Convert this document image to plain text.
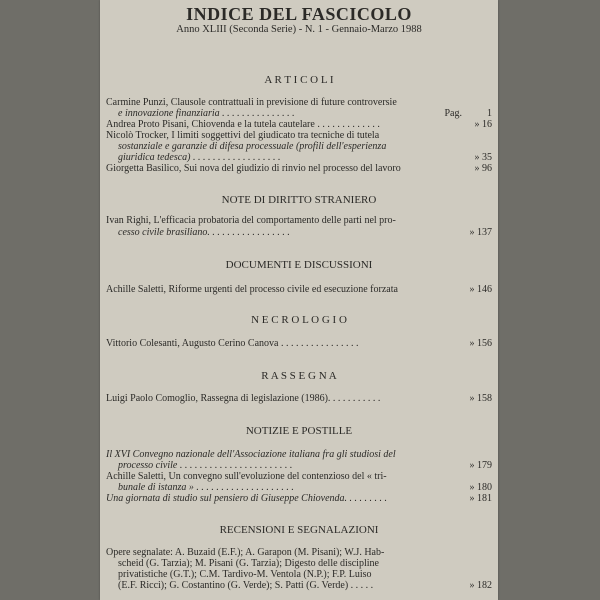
INDICE DEL FASCICOLO
Anno XLIII (Seconda Serie) - N. 1 - Gennaio-Marzo 1988
A R T I C O L I
Carmine Punzi, Clausole contrattuali in previsione di future controversie
e innovazione finanziaria . . . . . . . . . . . . . . .	Pag.	1
Andrea Proto Pisani, Chiovenda e la tutela cautelare . . . . . . . . . . . . .	» 16
Nicolò Trocker, I limiti soggettivi del giudicato tra tecniche di tutela
sostanziale e garanzie di difesa processuale (profili dell'esperienza
giuridica tedesca) . . . . . . . . . . . . . . . . . .	» 35
Giorgetta Basilico, Sui nova del giudizio di rinvio nel processo del lavoro	» 96
NOTE DI DIRITTO STRANIERO
Ivan Righi, L'efficacia probatoria del comportamento delle parti nel pro-
cesso civile brasiliano. . . . . . . . . . . . . . . . .	» 137
DOCUMENTI E DISCUSSIONI
Achille Saletti, Riforme urgenti del processo civile ed esecuzione forzata	» 146
N E C R O L O G I O
Vittorio Colesanti, Augusto Cerino Canova . . . . . . . . . . . . . . . .	» 156
R A S S E G N A
Luigi Paolo Comoglio, Rassegna di legislazione (1986). . . . . . . . . . .	» 158
NOTIZIE E POSTILLE
Il XVI Convegno nazionale dell'Associazione italiana fra gli studiosi del
processo civile . . . . . . . . . . . . . . . . . . . . . . .	» 179
Achille Saletti, Un convegno sull'evoluzione del contenzioso del « tri-
bunale di istanza » . . . . . . . . . . . . . . . . . . . .	» 180
Una giornata di studio sul pensiero di Giuseppe Chiovenda. . . . . . . . .	» 181
RECENSIONI E SEGNALAZIONI
Opere segnalate: A. Buzaid (E.F.); A. Garapon (M. Pisani); W.J. Hab-
scheid (G. Tarzia); M. Pisani (G. Tarzia); Digesto delle discipline
privatistiche (G.T.); C.M. Tardivo-M. Ventola (N.P.); F.P. Luiso
(E.F. Ricci); G. Costantino (G. Verde); S. Patti (G. Verde) . . . . .	» 182
